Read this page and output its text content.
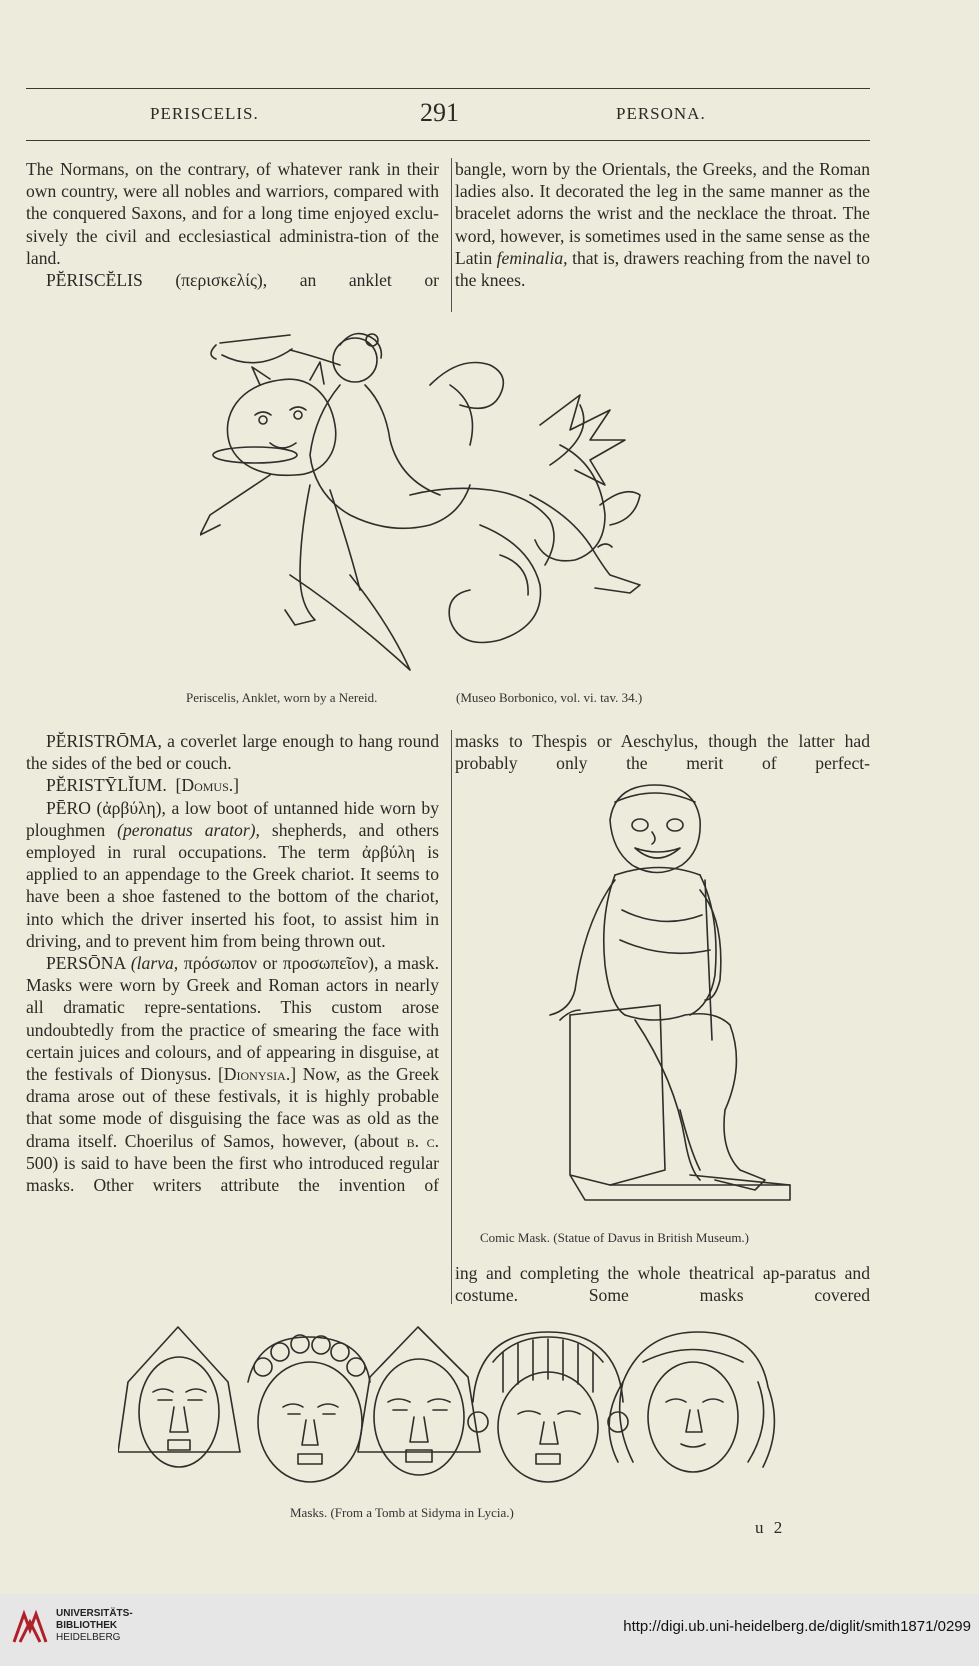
PERISCELIS.	291	PERSONA.

The Normans, on the contrary, of whatever rank in their own country, were all nobles and warriors, compared with the conquered Saxons, and for a long time enjoyed exclu-sively the civil and ecclesiastical administra-tion of the land.

PĔRISCĔLIS (περισκελίς), an anklet or

bangle, worn by the Orientals, the Greeks, and the Roman ladies also. It decorated the leg in the same manner as the bracelet adorns the wrist and the necklace the throat. The word, however, is sometimes used in the same sense as the Latin feminalia, that is, drawers reaching from the navel to the knees.

Periscelis, Anklet, worn by a Nereid.	(Museo Borbonico, vol. vi. tav. 34.)

PĔRISTRŌMA, a coverlet large enough to hang round the sides of the bed or couch.

PĔRISTȲLĬUM. [Domus.]

PĒRO (ἀρβύλη), a low boot of untanned hide worn by ploughmen (peronatus arator), shepherds, and others employed in rural occupations. The term ἀρβύλη is applied to an appendage to the Greek chariot. It seems to have been a shoe fastened to the bottom of the chariot, into which the driver inserted his foot, to assist him in driving, and to prevent him from being thrown out.

PERSŌNA (larva, πρόσωπον or προσωπεῖον), a mask. Masks were worn by Greek and Roman actors in nearly all dramatic repre-sentations. This custom arose undoubtedly from the practice of smearing the face with certain juices and colours, and of appearing in disguise, at the festivals of Dionysus. [Dionysia.] Now, as the Greek drama arose out of these festivals, it is highly probable that some mode of disguising the face was as old as the drama itself. Choerilus of Samos, however, (about b. c. 500) is said to have been the first who introduced regular masks. Other writers attribute the invention of

masks to Thespis or Aeschylus, though the latter had probably only the merit of perfect-
Comic Mask. (Statue of Davus in British Museum.)
ing and completing the whole theatrical ap-paratus and costume. Some masks covered
Masks. (From a Tomb at Sidyma in Lycia.)
u 2
UNIVERSITÄTS-
BIBLIOTHEK
HEIDELBERG
http://digi.ub.uni-heidelberg.de/diglit/smith1871/0299
